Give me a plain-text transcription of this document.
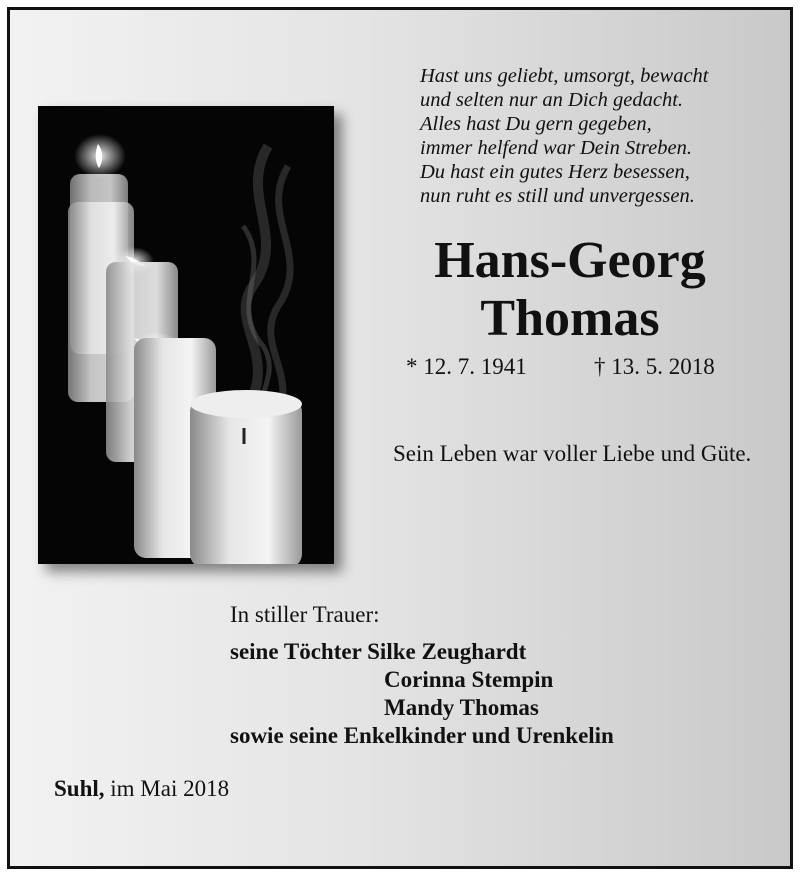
Hast uns geliebt, umsorgt, bewacht
und selten nur an Dich gedacht.
Alles hast Du gern gegeben,
immer helfend war Dein Streben.
Du hast ein gutes Herz besessen,
nun ruht es still und unvergessen.
Hans-Georg
Thomas
* 12. 7. 1941	† 13. 5. 2018
Sein Leben war voller Liebe und Güte.
In stiller Trauer:
seine Töchter Silke Zeughardt
Corinna Stempin
Mandy Thomas
sowie seine Enkelkinder und Urenkelin
Suhl, im Mai 2018
